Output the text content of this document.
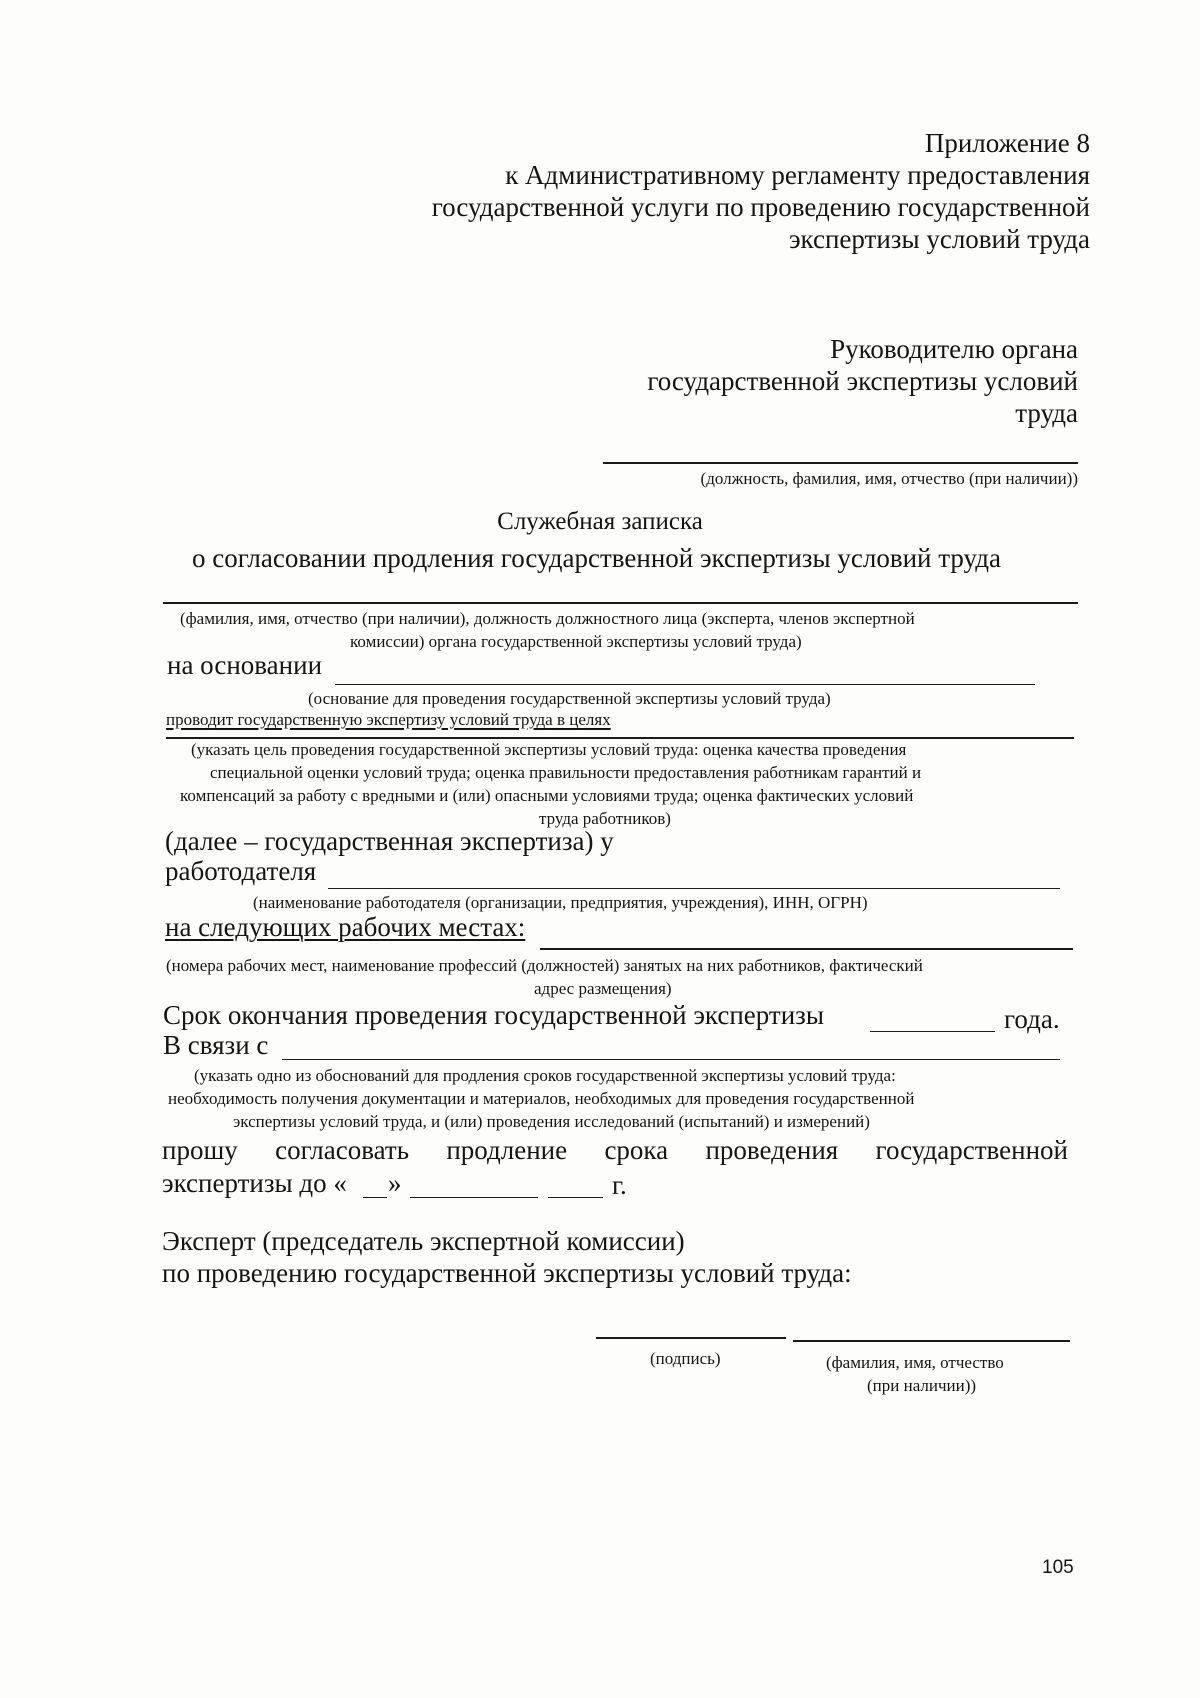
Приложение 8
к Административному регламенту предоставления
государственной услуги по проведению государственной
экспертизы условий труда
Руководителю органа
государственной экспертизы условий
труда
(должность, фамилия, имя, отчество (при наличии))
Служебная записка
о согласовании продления государственной экспертизы условий труда
(фамилия, имя, отчество (при наличии), должность должностного лица (эксперта, членов экспертной
комиссии) органа государственной экспертизы условий труда)
на основании
(основание для проведения государственной экспертизы условий труда)
проводит государственную экспертизу условий труда в целях
(указать цель проведения государственной экспертизы условий труда: оценка качества проведения
специальной оценки условий труда; оценка правильности предоставления работникам гарантий и
компенсаций за работу с вредными и (или) опасными условиями труда; оценка фактических условий
труда работников)
(далее – государственная экспертиза) у
работодателя
(наименование работодателя (организации, предприятия, учреждения), ИНН, ОГРН)
на следующих рабочих местах:
(номера рабочих мест, наименование профессий (должностей) занятых на них работников, фактический
адрес размещения)
Срок окончания проведения государственной экспертизы	года.
В связи с
(указать одно из обоснований для продления сроков государственной экспертизы условий труда:
необходимость получения документации и материалов, необходимых для проведения государственной
экспертизы условий труда, и (или) проведения исследований (испытаний) и измерений)
прошу согласовать продление срока проведения государственной
экспертизы до « »	г.
Эксперт (председатель экспертной комиссии)
по проведению государственной экспертизы условий труда:
(подпись)	(фамилия, имя, отчество
(при наличии))
105
